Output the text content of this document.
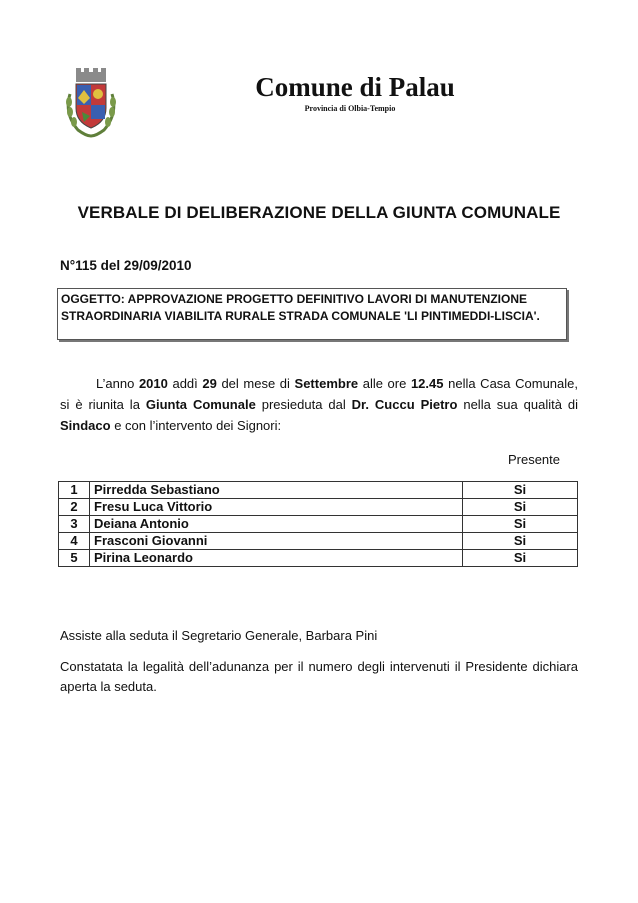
Comune di Palau
Provincia di Olbia-Tempio
VERBALE DI DELIBERAZIONE DELLA GIUNTA COMUNALE
N°115 del 29/09/2010
OGGETTO: APPROVAZIONE PROGETTO DEFINITIVO LAVORI DI MANUTENZIONE STRAORDINARIA VIABILITA RURALE STRADA COMUNALE 'LI PINTIMEDDI-LISCIA'.
L’anno 2010 addì 29 del mese di Settembre alle ore 12.45 nella Casa Comunale, si è riunita la Giunta Comunale presieduta dal Dr. Cuccu Pietro nella sua qualità di Sindaco e con l’intervento dei Signori:
Presente
1	Pirredda Sebastiano	Si
2	Fresu Luca Vittorio	Si
3	Deiana Antonio	Si
4	Frasconi Giovanni	Si
5	Pirina Leonardo	Si
Assiste alla seduta il Segretario Generale, Barbara Pini
Constatata la legalità dell’adunanza per il numero degli intervenuti il Presidente dichiara aperta la seduta.
